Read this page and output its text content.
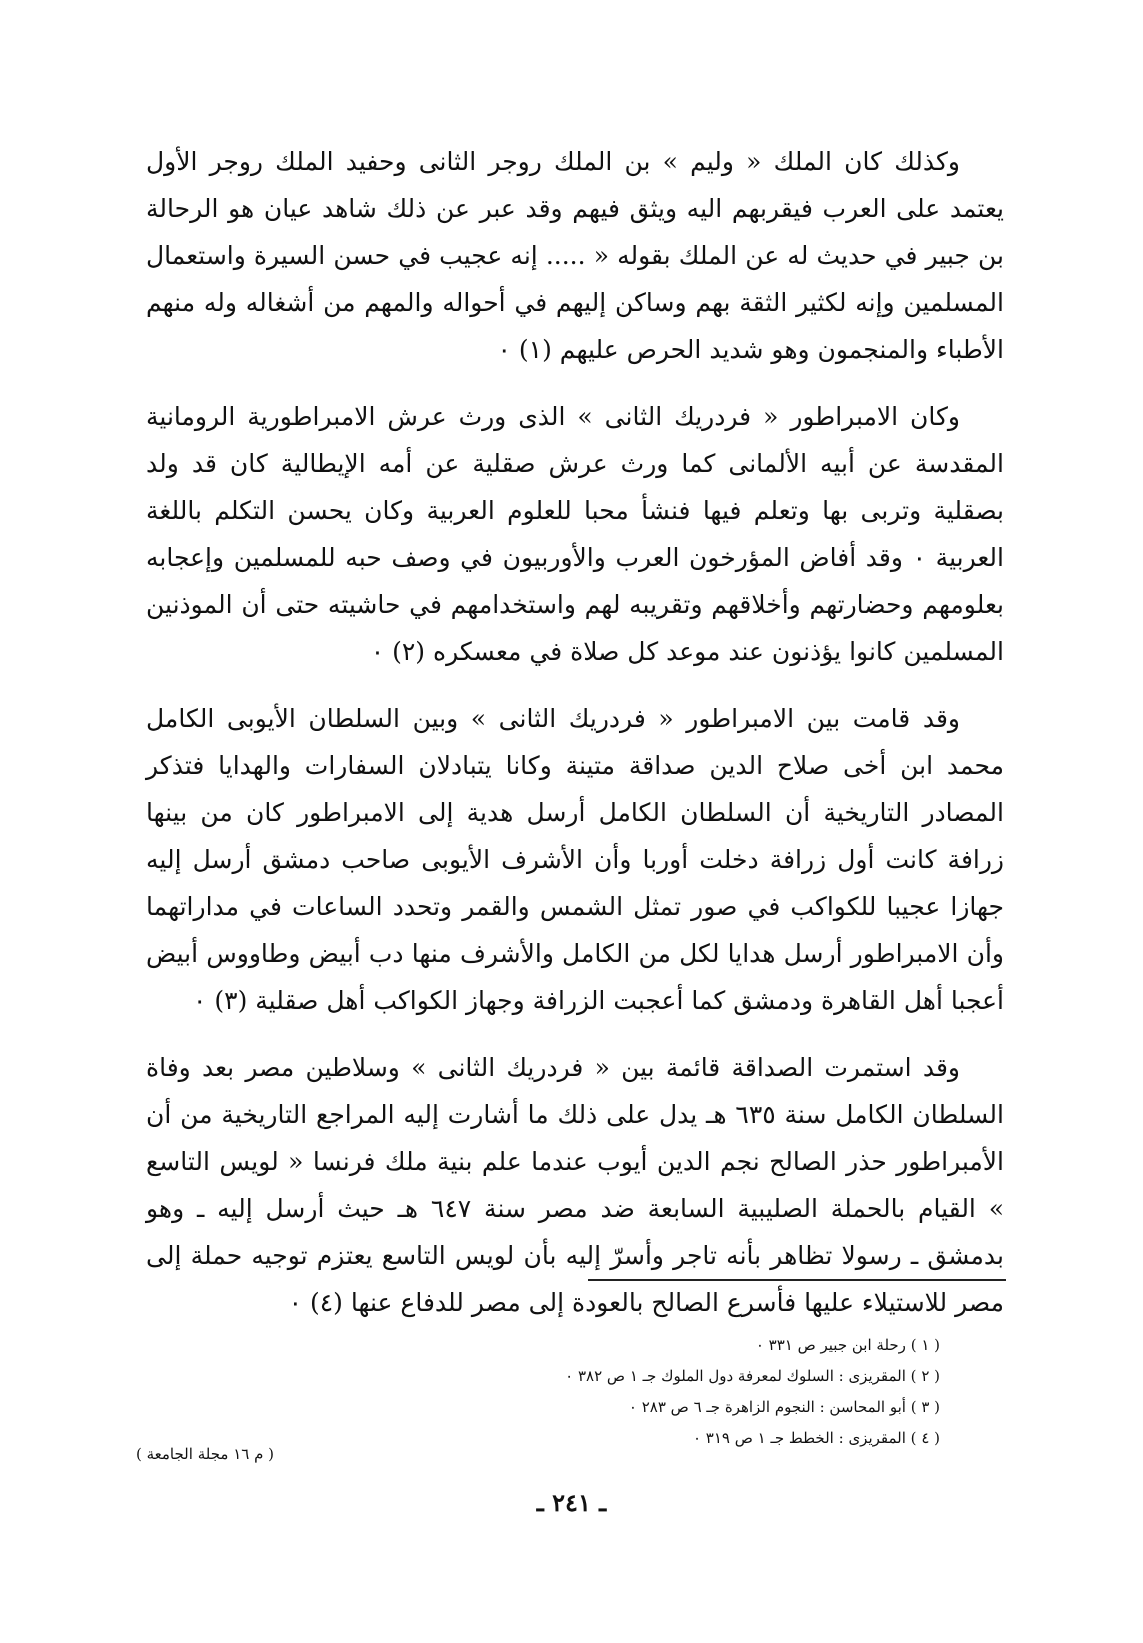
وكذلك كان الملك « وليم » بن الملك روجر الثانى وحفيد الملك روجر الأول يعتمد على العرب فيقربهم اليه ويثق فيهم وقد عبر عن ذلك شاهد عيان هو الرحالة بن جبير في حديث له عن الملك بقوله « ..... إنه عجيب في حسن السيرة واستعمال المسلمين وإنه لكثير الثقة بهم وساكن إليهم في أحواله والمهم من أشغاله وله منهم الأطباء والمنجمون وهو شديد الحرص عليهم (١) ٠

وكان الامبراطور « فردريك الثانى » الذى ورث عرش الامبراطورية الرومانية المقدسة عن أبيه الألمانى كما ورث عرش صقلية عن أمه الإيطالية كان قد ولد بصقلية وتربى بها وتعلم فيها فنشأ محبا للعلوم العربية وكان يحسن التكلم باللغة العربية ٠ وقد أفاض المؤرخون العرب والأوربيون في وصف حبه للمسلمين وإعجابه بعلومهم وحضارتهم وأخلاقهم وتقريبه لهم واستخدامهم في حاشيته حتى أن الموذنين المسلمين كانوا يؤذنون عند موعد كل صلاة في معسكره (٢) ٠

وقد قامت بين الامبراطور « فردريك الثانى » وبين السلطان الأيوبى الكامل محمد ابن أخى صلاح الدين صداقة متينة وكانا يتبادلان السفارات والهدايا فتذكر المصادر التاريخية أن السلطان الكامل أرسل هدية إلى الامبراطور كان من بينها زرافة كانت أول زرافة دخلت أوربا وأن الأشرف الأيوبى صاحب دمشق أرسل إليه جهازا عجيبا للكواكب في صور تمثل الشمس والقمر وتحدد الساعات في مداراتهما وأن الامبراطور أرسل هدايا لكل من الكامل والأشرف منها دب أبيض وطاووس أبيض أعجبا أهل القاهرة ودمشق كما أعجبت الزرافة وجهاز الكواكب أهل صقلية (٣) ٠

وقد استمرت الصداقة قائمة بين « فردريك الثانى » وسلاطين مصر بعد وفاة السلطان الكامل سنة ٦٣٥ هـ يدل على ذلك ما أشارت إليه المراجع التاريخية من أن الأمبراطور حذر الصالح نجم الدين أيوب عندما علم بنية ملك فرنسا « لويس التاسع » القيام بالحملة الصليبية السابعة ضد مصر سنة ٦٤٧ هـ حيث أرسل إليه ـ وهو بدمشق ـ رسولا تظاهر بأنه تاجر وأسرّ إليه بأن لويس التاسع يعتزم توجيه حملة إلى مصر للاستيلاء عليها فأسرع الصالح بالعودة إلى مصر للدفاع عنها (٤) ٠

( ١ ) رحلة ابن جبير ص ٣٣١ ٠
( ٢ ) المقريزى : السلوك لمعرفة دول الملوك جـ ١ ص ٣٨٢ ٠
( ٣ ) أبو المحاسن : النجوم الزاهرة جـ ٦ ص ٢٨٣ ٠
( ٤ ) المقريزى : الخطط جـ ١ ص ٣١٩ ٠
( م ١٦ مجلة الجامعة )
ـ ٢٤١ ـ
